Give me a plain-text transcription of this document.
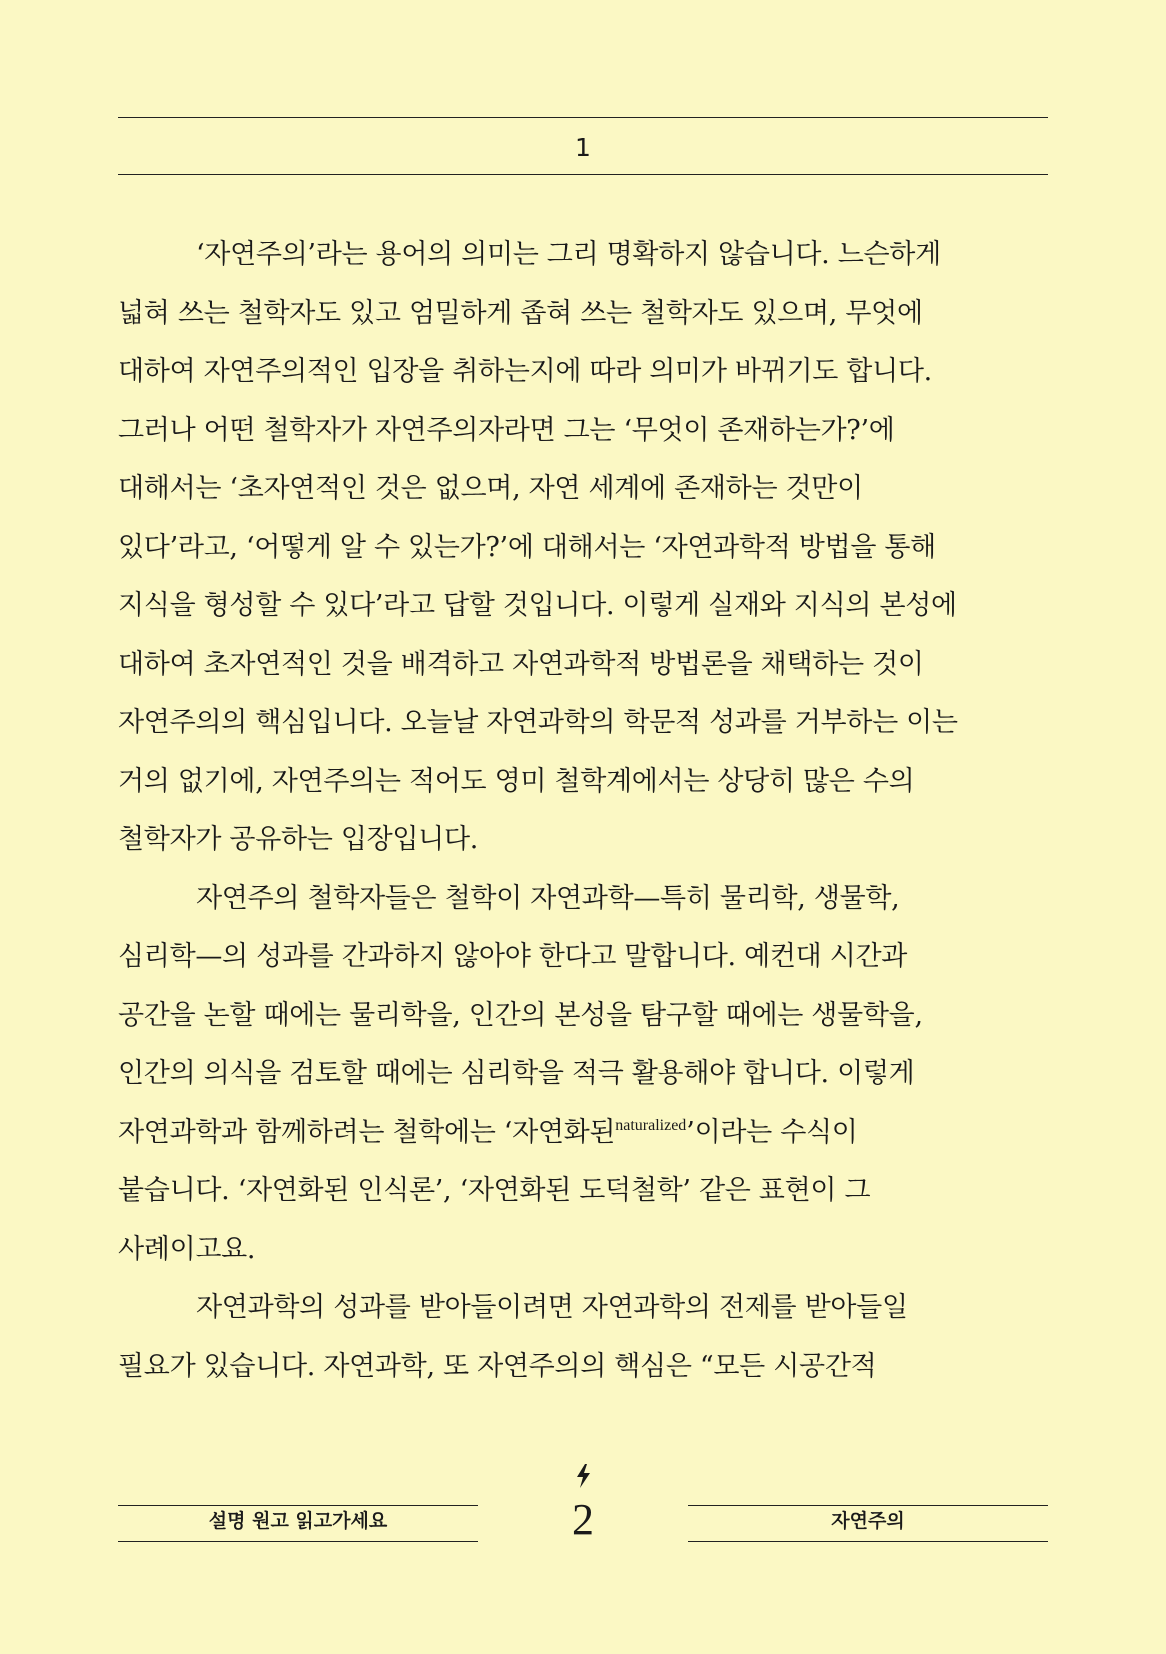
1
‘자연주의’라는 용어의 의미는 그리 명확하지 않습니다. 느슨하게
넓혀 쓰는 철학자도 있고 엄밀하게 좁혀 쓰는 철학자도 있으며, 무엇에
대하여 자연주의적인 입장을 취하는지에 따라 의미가 바뀌기도 합니다.
그러나 어떤 철학자가 자연주의자라면 그는 ‘무엇이 존재하는가?’에
대해서는 ‘초자연적인 것은 없으며, 자연 세계에 존재하는 것만이
있다’라고, ‘어떻게 알 수 있는가?’에 대해서는 ‘자연과학적 방법을 통해
지식을 형성할 수 있다’라고 답할 것입니다. 이렇게 실재와 지식의 본성에
대하여 초자연적인 것을 배격하고 자연과학적 방법론을 채택하는 것이
자연주의의 핵심입니다. 오늘날 자연과학의 학문적 성과를 거부하는 이는
거의 없기에, 자연주의는 적어도 영미 철학계에서는 상당히 많은 수의
철학자가 공유하는 입장입니다.
자연주의 철학자들은 철학이 자연과학—특히 물리학, 생물학,
심리학—의 성과를 간과하지 않아야 한다고 말합니다. 예컨대 시간과
공간을 논할 때에는 물리학을, 인간의 본성을 탐구할 때에는 생물학을,
인간의 의식을 검토할 때에는 심리학을 적극 활용해야 합니다. 이렇게
자연과학과 함께하려는 철학에는 ‘자연화된$^{naturalized}$’이라는 수식이
붙습니다. ‘자연화된 인식론’, ‘자연화된 도덕철학’ 같은 표현이 그
사례이고요.
자연과학의 성과를 받아들이려면 자연과학의 전제를 받아들일
필요가 있습니다. 자연과학, 또 자연주의의 핵심은 “모든 시공간적
설명 원고 읽고가세요	2	자연주의
